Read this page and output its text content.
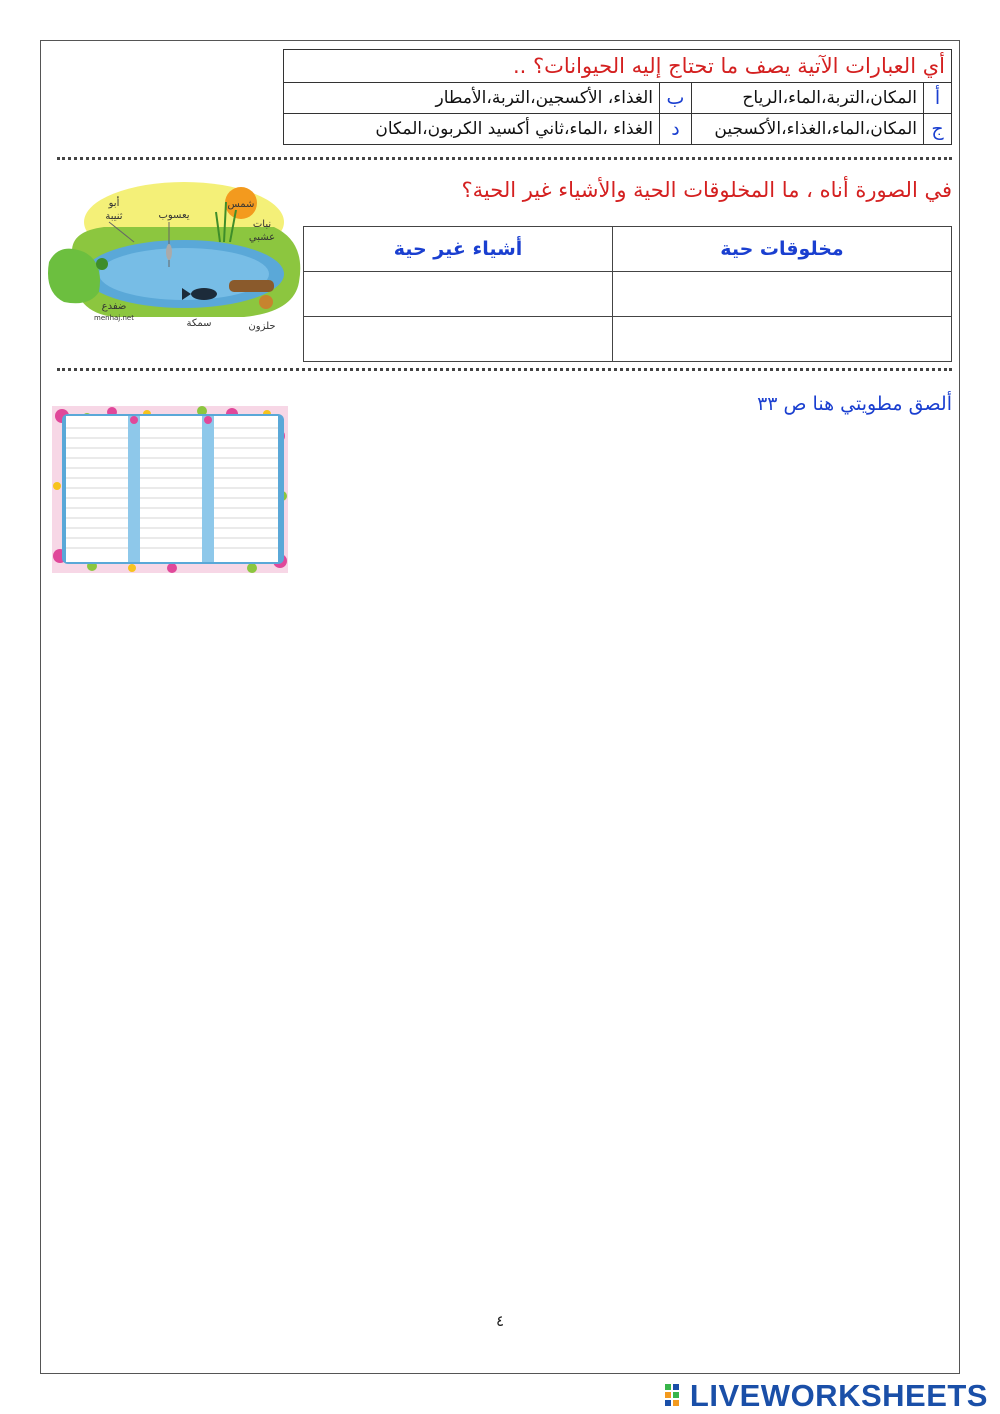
أي العبارات الآتية يصف ما تحتاج إليه الحيوانات؟ ..			
أ	المكان،التربة،الماء،الرياح	ب	الغذاء، الأكسجين،التربة،الأمطار
ج	المكان،الماء،الغذاء،الأكسجين	د	الغذاء ،الماء،ثاني أكسيد الكربون،المكان
في الصورة أناه ، ما المخلوقات الحية والأشياء غير الحية؟
مخلوقات حية	أشياء غير حية

شمس
نبات
عشبي
يعسوب
أبو
ثنيبة
ضفدع
menhaj.net	سمكة	حلزون
ألصق مطويتي هنا ص ٣٣
٤
LIVEWORKSHEETS
